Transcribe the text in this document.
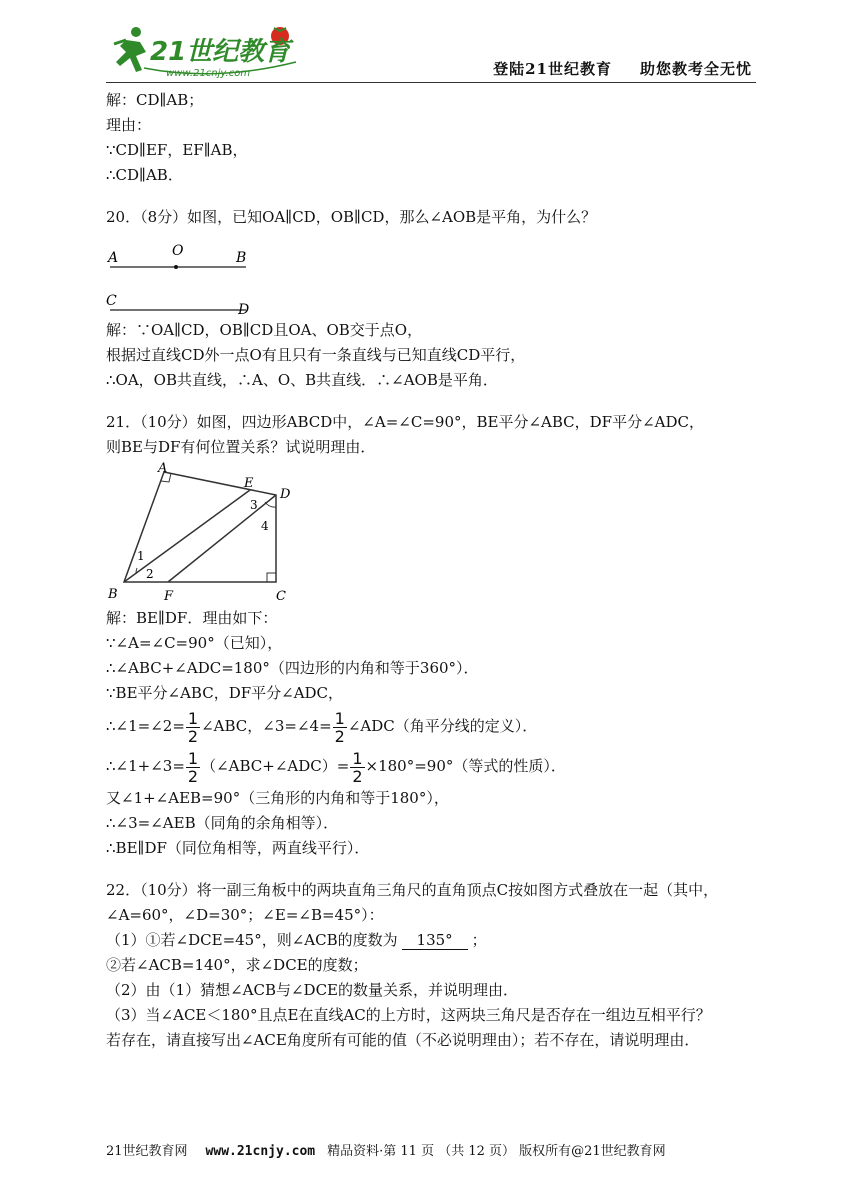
21世纪教育
www.21cnjy.com	登陆21世纪教育 助您教考全无忧

解：CD∥AB；

理由：

∵CD∥EF，EF∥AB，

∴CD∥AB．

20．（8分）如图，已知OA∥CD，OB∥CD，那么∠AOB是平角，为什么？

A	O	B
C
D

解：∵OA∥CD，OB∥CD且OA、OB交于点O，

根据过直线CD外一点O有且只有一条直线与已知直线CD平行，

∴OA，OB共直线，∴A、O、B共直线．∴∠AOB是平角．

21．（10分）如图，四边形ABCD中，∠A=∠C=90°，BE平分∠ABC，DF平分∠ADC，

则BE与DF有何位置关系？试说明理由．

A
E
D
3
4
1
2
B	F	C

解：BE∥DF．理由如下：

∵∠A=∠C=90°（已知），

∴∠ABC+∠ADC=180°（四边形的内角和等于360°）．

∵BE平分∠ABC，DF平分∠ADC，

∴∠1=∠2= $\frac{1}{2}$ ∠ABC，∠3=∠4= $\frac{1}{2}$ ∠ADC（角平分线的定义）．

∴∠1+∠3= $\frac{1}{2}$ （∠ABC+∠ADC）= $\frac{1}{2} \times 180^\circ=90^\circ$（等式的性质）．

又∠1+∠AEB=90°（三角形的内角和等于180°），

∴∠3=∠AEB（同角的余角相等）．

∴BE∥DF（同位角相等，两直线平行）．

22．（10分）将一副三角板中的两块直角三角尺的直角顶点C按如图方式叠放在一起（其中，

∠A=60°，∠D=30°；∠E=∠B=45°）：

（1）①若∠DCE=45°，则∠ACB的度数为 135° ；

②若∠ACB=140°，求∠DCE的度数；

（2）由（1）猜想∠ACB与∠DCE的数量关系，并说明理由．

（3）当∠ACE＜180°且点E在直线AC的上方时，这两块三角尺是否存在一组边互相平行？

若存在，请直接写出∠ACE角度所有可能的值（不必说明理由）；若不存在，请说明理由．

21世纪教育网 www.21cnjy.com 精品资料·第 11 页 （共 12 页） 版权所有@21世纪教育网
